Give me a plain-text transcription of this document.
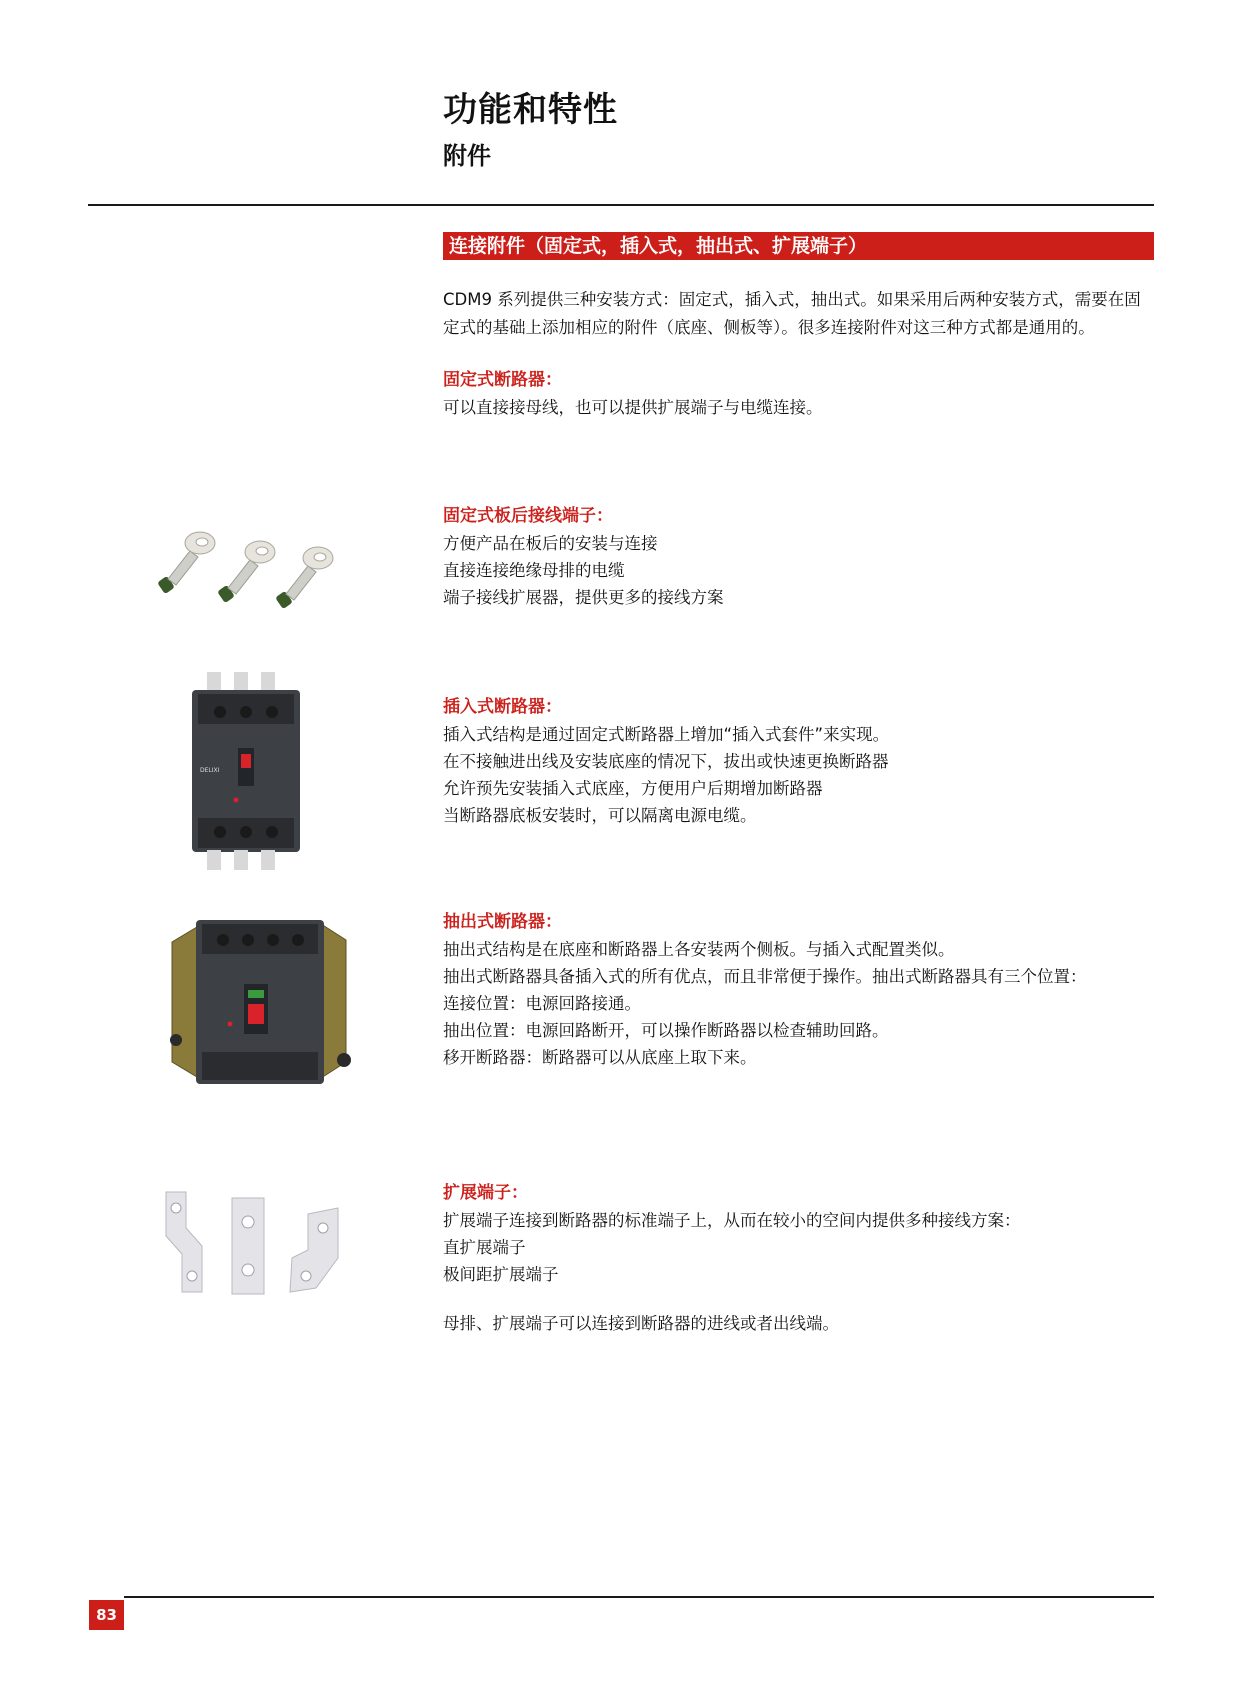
功能和特性
附件
连接附件（固定式，插入式，抽出式、扩展端子）
CDM9 系列提供三种安装方式：固定式，插入式，抽出式。如果采用后两种安装方式，需要在固
定式的基础上添加相应的附件（底座、侧板等）。很多连接附件对这三种方式都是通用的。
固定式断路器：
可以直接接母线，也可以提供扩展端子与电缆连接。
固定式板后接线端子：
方便产品在板后的安装与连接
直接连接绝缘母排的电缆
端子接线扩展器，提供更多的接线方案
插入式断路器：
插入式结构是通过固定式断路器上增加“插入式套件”来实现。
在不接触进出线及安装底座的情况下，拔出或快速更换断路器
允许预先安装插入式底座，方便用户后期增加断路器
当断路器底板安装时，可以隔离电源电缆。
抽出式断路器：
抽出式结构是在底座和断路器上各安装两个侧板。与插入式配置类似。
抽出式断路器具备插入式的所有优点，而且非常便于操作。抽出式断路器具有三个位置：
连接位置：电源回路接通。
抽出位置：电源回路断开，可以操作断路器以检查辅助回路。
移开断路器：断路器可以从底座上取下来。
扩展端子：
扩展端子连接到断路器的标准端子上，从而在较小的空间内提供多种接线方案：
直扩展端子
极间距扩展端子
母排、扩展端子可以连接到断路器的进线或者出线端。
DELIXI
83
